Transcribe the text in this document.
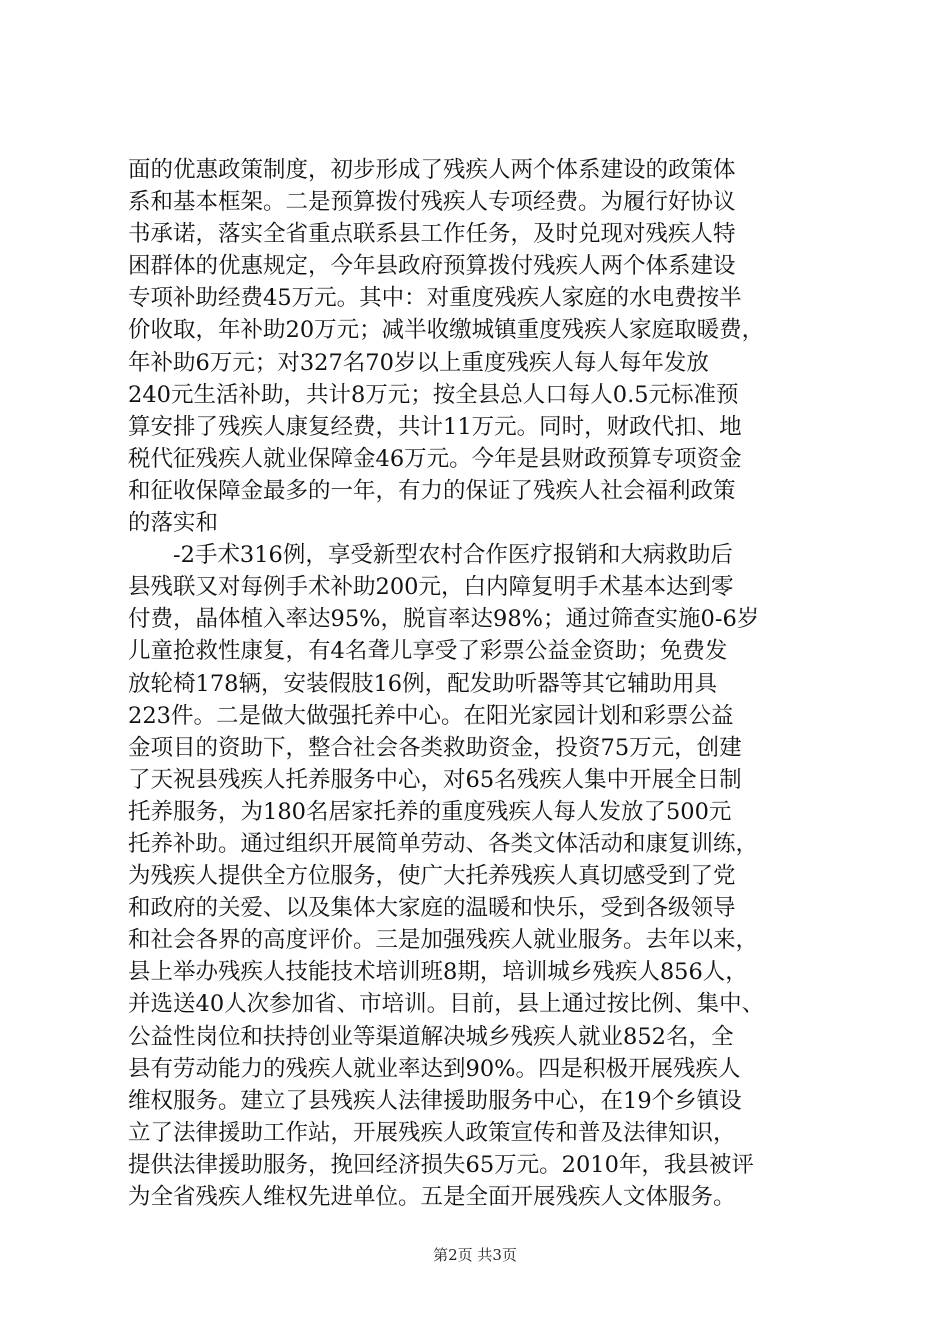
面的优惠政策制度，初步形成了残疾人两个体系建设的政策体
系和基本框架。二是预算拨付残疾人专项经费。为履行好协议
书承诺，落实全省重点联系县工作任务，及时兑现对残疾人特
困群体的优惠规定，今年县政府预算拨付残疾人两个体系建设
专项补助经费45万元。其中：对重度残疾人家庭的水电费按半
价收取，年补助20万元；减半收缴城镇重度残疾人家庭取暖费，
年补助6万元；对327名70岁以上重度残疾人每人每年发放
240元生活补助，共计8万元；按全县总人口每人0.5元标准预
算安排了残疾人康复经费，共计11万元。同时，财政代扣、地
税代征残疾人就业保障金46万元。今年是县财政预算专项资金
和征收保障金最多的一年，有力的保证了残疾人社会福利政策
的落实和
-2手术316例，享受新型农村合作医疗报销和大病救助后
县残联又对每例手术补助200元，白内障复明手术基本达到零
付费，晶体植入率达95%，脱盲率达98%；通过筛查实施0-6岁
儿童抢救性康复，有4名聋儿享受了彩票公益金资助；免费发
放轮椅178辆，安装假肢16例，配发助听器等其它辅助用具
223件。二是做大做强托养中心。在阳光家园计划和彩票公益
金项目的资助下，整合社会各类救助资金，投资75万元，创建
了天祝县残疾人托养服务中心，对65名残疾人集中开展全日制
托养服务，为180名居家托养的重度残疾人每人发放了500元
托养补助。通过组织开展简单劳动、各类文体活动和康复训练，
为残疾人提供全方位服务，使广大托养残疾人真切感受到了党
和政府的关爱、以及集体大家庭的温暖和快乐，受到各级领导
和社会各界的高度评价。三是加强残疾人就业服务。去年以来，
县上举办残疾人技能技术培训班8期，培训城乡残疾人856人，
并选送40人次参加省、市培训。目前，县上通过按比例、集中、
公益性岗位和扶持创业等渠道解决城乡残疾人就业852名，全
县有劳动能力的残疾人就业率达到90%。四是积极开展残疾人
维权服务。建立了县残疾人法律援助服务中心，在19个乡镇设
立了法律援助工作站，开展残疾人政策宣传和普及法律知识，
提供法律援助服务，挽回经济损失65万元。2010年，我县被评
为全省残疾人维权先进单位。五是全面开展残疾人文体服务。
第2页 共3页
